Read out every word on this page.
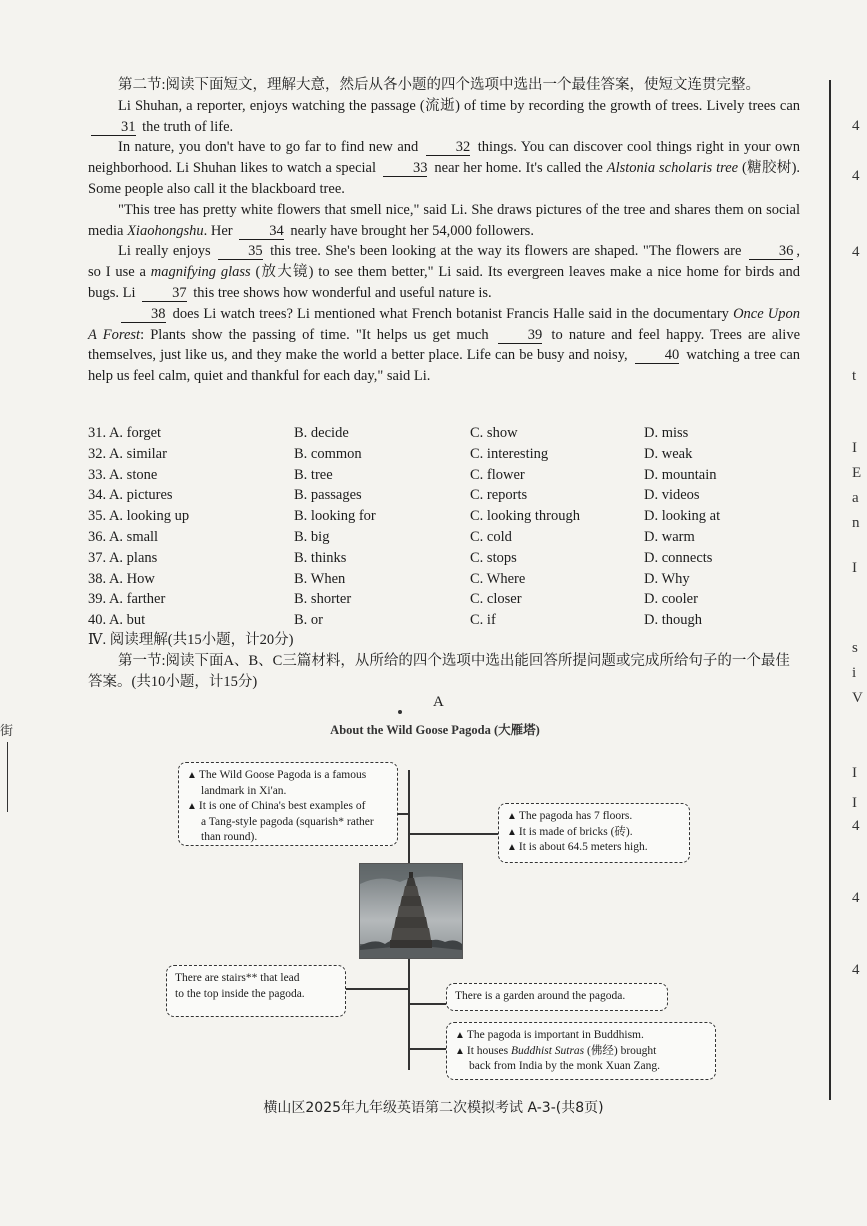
4
4
4
t
I
E
a
n
I
s
i
V
I
I
4
4
4
街

第二节:阅读下面短文，理解大意，然后从各小题的四个选项中选出一个最佳答案，使短文连贯完整。

Li Shuhan, a reporter, enjoys watching the passage (流逝) of time by recording the growth of trees. Lively trees can 31 the truth of life.

In nature, you don't have to go far to find new and	32 things. You can discover cool things right in your own neighborhood. Li Shuhan likes to watch a special	33 near her home. It's called the Alstonia scholaris tree (糖胶树). Some people also call it the blackboard tree.

"This tree has pretty white flowers that smell nice," said Li. She draws pictures of the tree and shares them on social media Xiaohongshu. Her	34 nearly have brought her 54,000 followers.

Li really enjoys	35 this tree. She's been looking at the way its flowers are shaped. "The flowers are	36 , so I use a magnifying glass (放大镜) to see them better," Li said. Its evergreen leaves make a nice home for birds and bugs. Li	37 this tree shows how wonderful and useful nature is.

38 does Li watch trees? Li mentioned what French botanist Francis Halle said in the documentary Once Upon A Forest: Plants show the passing of time. "It helps us get much	39 to nature and feel happy. Trees are alive themselves, just like us, and they make the world a better place. Life can be busy and noisy,	40 watching a tree can help us feel calm, quiet and thankful for each day," said Li.

31. A. forget	B. decide	C. show	D. miss
32. A. similar	B. common	C. interesting	D. weak
33. A. stone	B. tree	C. flower	D. mountain
34. A. pictures	B. passages	C. reports	D. videos
35. A. looking up	B. looking for	C. looking through	D. looking at
36. A. small	B. big	C. cold	D. warm
37. A. plans	B. thinks	C. stops	D. connects
38. A. How	B. When	C. Where	D. Why
39. A. farther	B. shorter	C. closer	D. cooler
40. A. but	B. or	C. if	D. though
Ⅳ. 阅读理解(共15小题，计20分)
第一节:阅读下面A、B、C三篇材料，从所给的四个选项中选出能回答所提问题或完成所给句子的一个最佳答案。(共10小题，计15分)
A
About the Wild Goose Pagoda (大雁塔)

▲ The Wild Goose Pagoda is a famous

landmark in Xi'an.

▲ It is one of China's best examples of

a Tang-style pagoda (squarish* rather

than round).

▲ The pagoda has 7 floors.

▲ It is made of bricks (砖).

▲ It is about 64.5 meters high.

There are stairs** that lead

to the top inside the pagoda.	There is a garden around the pagoda.

▲ The pagoda is important in Buddhism.

▲ It houses Buddhist Sutras (佛经) brought

back from India by the monk Xuan Zang.

横山区2025年九年级英语第二次模拟考试 A-3-(共8页)
